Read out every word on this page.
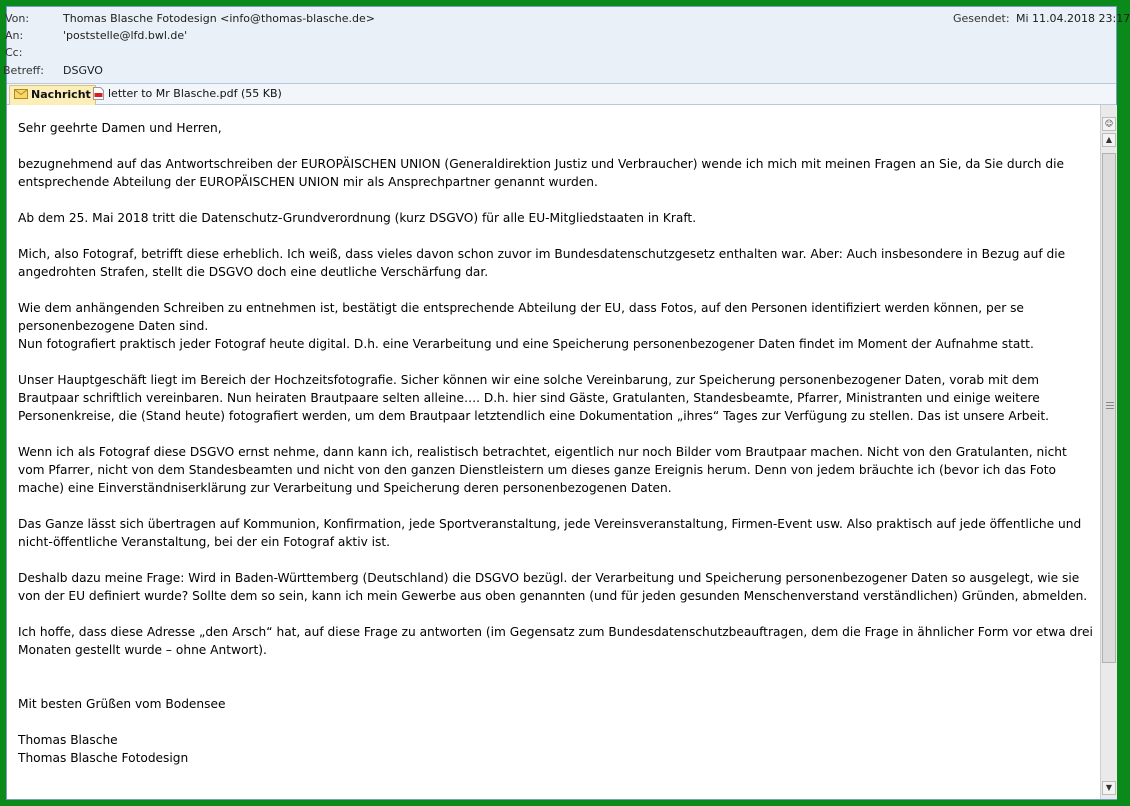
Von:	Thomas Blasche Fotodesign <info@thomas-blasche.de>
An:	'poststelle@lfd.bwl.de'
Cc:
Betreff:	DSGVO
Gesendet: Mi 11.04.2018 23:17
Nachricht	letter to Mr Blasche.pdf (55 KB)

Sehr geehrte Damen und Herren,

bezugnehmend auf das Antwortschreiben der EUROPÄISCHEN UNION (Generaldirektion Justiz und Verbraucher) wende ich mich mit meinen Fragen an Sie, da Sie durch die entsprechende Abteilung der EUROPÄISCHEN UNION mir als Ansprechpartner genannt wurden.

Ab dem 25. Mai 2018 tritt die Datenschutz-Grundverordnung (kurz DSGVO) für alle EU-Mitgliedstaaten in Kraft.

Mich, also Fotograf, betrifft diese erheblich. Ich weiß, dass vieles davon schon zuvor im Bundesdatenschutzgesetz enthalten war. Aber: Auch insbesondere in Bezug auf die angedrohten Strafen, stellt die DSGVO doch eine deutliche Verschärfung dar.

Wie dem anhängenden Schreiben zu entnehmen ist, bestätigt die entsprechende Abteilung der EU, dass Fotos, auf den Personen identifiziert werden können, per se personenbezogene Daten sind.

Nun fotografiert praktisch jeder Fotograf heute digital. D.h. eine Verarbeitung und eine Speicherung personenbezogener Daten findet im Moment der Aufnahme statt.

Unser Hauptgeschäft liegt im Bereich der Hochzeitsfotografie. Sicher können wir eine solche Vereinbarung, zur Speicherung personenbezogener Daten, vorab mit dem Brautpaar schriftlich vereinbaren. Nun heiraten Brautpaare selten alleine…. D.h. hier sind Gäste, Gratulanten, Standesbeamte, Pfarrer, Ministranten und einige weitere Personenkreise, die (Stand heute) fotografiert werden, um dem Brautpaar letztendlich eine Dokumentation „ihres“ Tages zur Verfügung zu stellen. Das ist unsere Arbeit.

Wenn ich als Fotograf diese DSGVO ernst nehme, dann kann ich, realistisch betrachtet, eigentlich nur noch Bilder vom Brautpaar machen. Nicht von den Gratulanten, nicht vom Pfarrer, nicht von dem Standesbeamten und nicht von den ganzen Dienstleistern um dieses ganze Ereignis herum. Denn von jedem bräuchte ich (bevor ich das Foto mache) eine Einverständniserklärung zur Verarbeitung und Speicherung deren personenbezogenen Daten.

Das Ganze lässt sich übertragen auf Kommunion, Konfirmation, jede Sportveranstaltung, jede Vereinsveranstaltung, Firmen-Event usw. Also praktisch auf jede öffentliche und nicht-öffentliche Veranstaltung, bei der ein Fotograf aktiv ist.

Deshalb dazu meine Frage: Wird in Baden-Württemberg (Deutschland) die DSGVO bezügl. der Verarbeitung und Speicherung personenbezogener Daten so ausgelegt, wie sie von der EU definiert wurde? Sollte dem so sein, kann ich mein Gewerbe aus oben genannten (und für jeden gesunden Menschenverstand verständlichen) Gründen, abmelden.

Ich hoffe, dass diese Adresse „den Arsch“ hat, auf diese Frage zu antworten (im Gegensatz zum Bundesdatenschutzbeauftragen, dem die Frage in ähnlicher Form vor etwa drei Monaten gestellt wurde – ohne Antwort).

Mit besten Grüßen vom Bodensee

Thomas Blasche

Thomas Blasche Fotodesign

☺
▲
▼
